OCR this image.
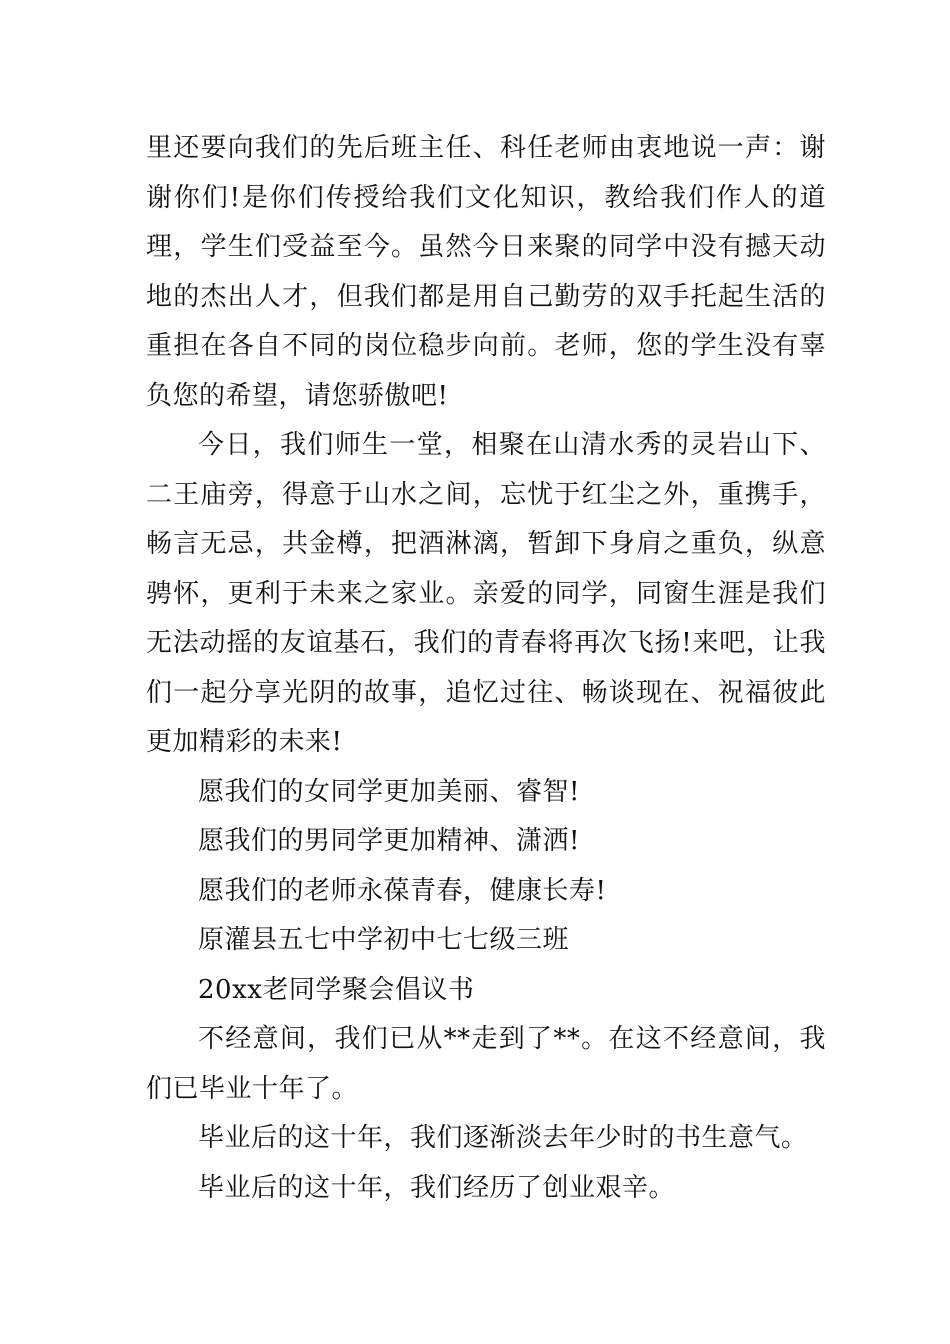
里还要向我们的先后班主任、科任老师由衷地说一声：谢谢你们!是你们传授给我们文化知识，教给我们作人的道理，学生们受益至今。虽然今日来聚的同学中没有撼天动地的杰出人才，但我们都是用自己勤劳的双手托起生活的重担在各自不同的岗位稳步向前。老师，您的学生没有辜负您的希望，请您骄傲吧!

今日，我们师生一堂，相聚在山清水秀的灵岩山下、二王庙旁，得意于山水之间，忘忧于红尘之外，重携手，畅言无忌，共金樽，把酒淋漓，暂卸下身肩之重负，纵意骋怀，更利于未来之家业。亲爱的同学，同窗生涯是我们无法动摇的友谊基石，我们的青春将再次飞扬!来吧，让我们一起分享光阴的故事，追忆过往、畅谈现在、祝福彼此更加精彩的未来!

愿我们的女同学更加美丽、睿智!

愿我们的男同学更加精神、潇洒!

愿我们的老师永葆青春，健康长寿!

原灌县五七中学初中七七级三班

20xx老同学聚会倡议书

不经意间，我们已从**走到了**。在这不经意间，我们已毕业十年了。

毕业后的这十年，我们逐渐淡去年少时的书生意气。

毕业后的这十年，我们经历了创业艰辛。
